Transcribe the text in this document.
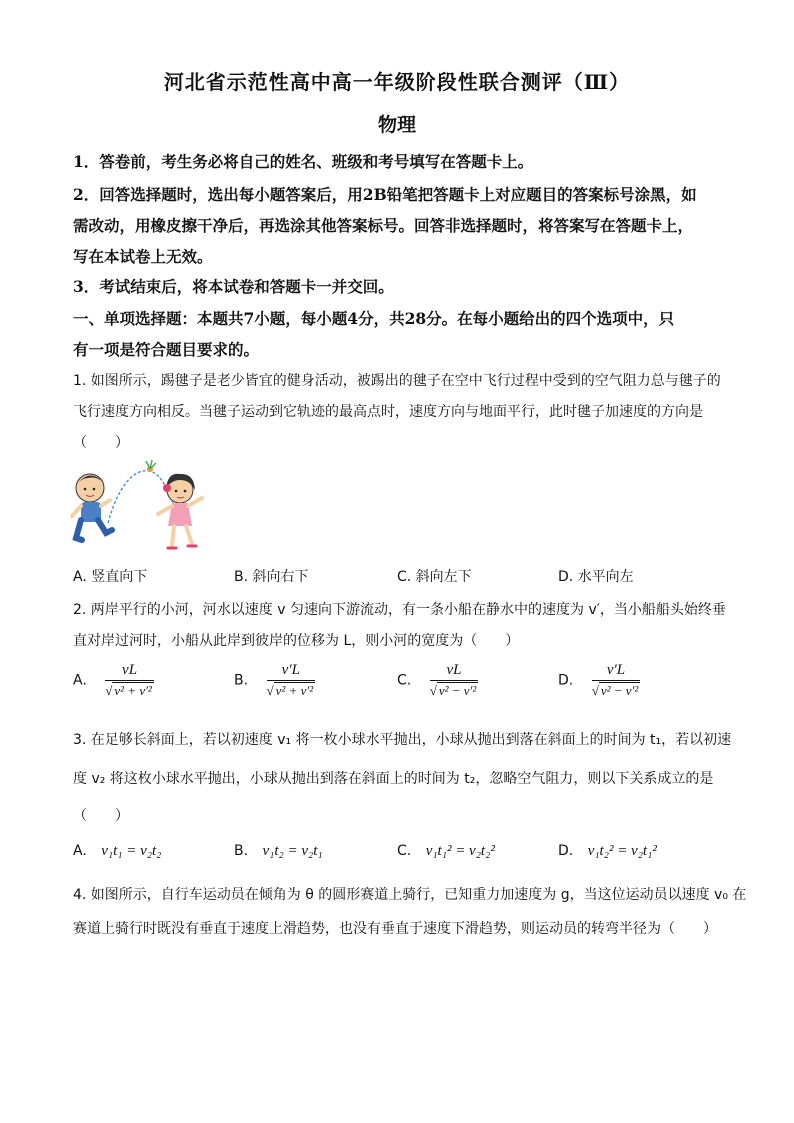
河北省示范性高中高一年级阶段性联合测评（Ⅲ）
物理
1．答卷前，考生务必将自己的姓名、班级和考号填写在答题卡上。
2．回答选择题时，选出每小题答案后，用2B铅笔把答题卡上对应题目的答案标号涂黑，如
需改动，用橡皮擦干净后，再选涂其他答案标号。回答非选择题时，将答案写在答题卡上，
写在本试卷上无效。
3．考试结束后，将本试卷和答题卡一并交回。
一、单项选择题：本题共7小题，每小题4分，共28分。在每小题给出的四个选项中，只
有一项是符合题目要求的。
1. 如图所示，踢毽子是老少皆宜的健身活动，被踢出的毽子在空中飞行过程中受到的空气阻力总与毽子的
飞行速度方向相反。当毽子运动到它轨迹的最高点时，速度方向与地面平行，此时毽子加速度的方向是
（　　）
A. 竖直向下	B. 斜向右下	C. 斜向左下	D. 水平向左
2. 两岸平行的小河，河水以速度 v 匀速向下游流动，有一条小船在静水中的速度为 v′，当小船船头始终垂
直对岸过河时，小船从此岸到彼岸的位移为 L，则小河的宽度为（　　）
A. $\frac{vL}{\text{√ v² + v′²}}$	B. $\frac{v'L}{\text{√ v² + v′²}}$	C. $\frac{vL}{\text{√ v² − v′²}}$	D. $\frac{v'L}{\text{√ v² − v′²}}$
3. 在足够长斜面上，若以初速度 v₁ 将一枚小球水平抛出，小球从抛出到落在斜面上的时间为 t₁，若以初速
度 v₂ 将这枚小球水平抛出，小球从抛出到落在斜面上的时间为 t₂，忽略空气阻力，则以下关系成立的是
（　　）
A. v₁t₁ = v₂t₂	B. v₁t₂ = v₂t₁	C. v₁t₁² = v₂t₂²	D. v₁t₂² = v₂t₁²
4. 如图所示，自行车运动员在倾角为 θ 的圆形赛道上骑行，已知重力加速度为 g，当这位运动员以速度 v₀ 在
赛道上骑行时既没有垂直于速度上滑趋势，也没有垂直于速度下滑趋势，则运动员的转弯半径为（　　）
